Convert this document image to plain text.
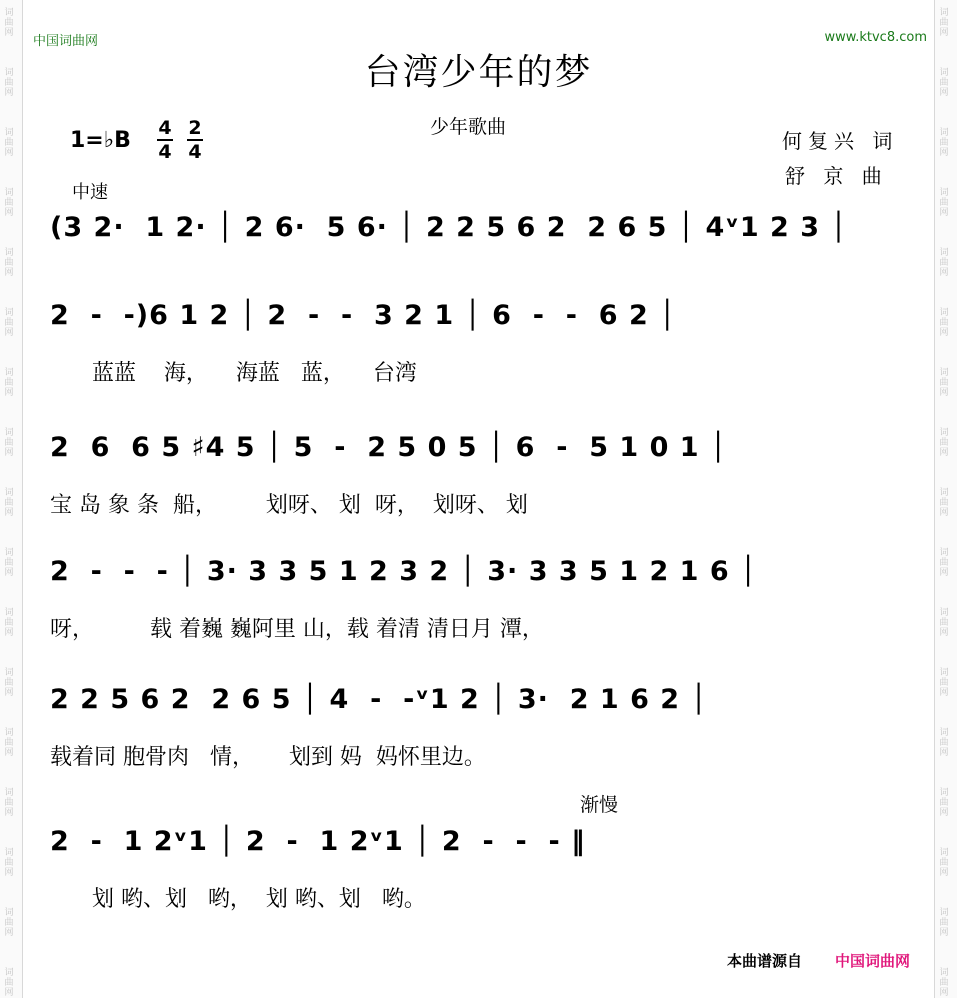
词
曲
网
词
曲
网
词
曲
网
词
曲
网
词
曲
网
词
曲
网
词
曲
网
词
曲
网
词
曲
网
词
曲
网
词
曲
网
词
曲
网
词
曲
网
词
曲
网
词
曲
网
词
曲
网
词
曲
网
词
曲
网
词
曲
网
词
曲
网
词
曲
网
词
曲
网
词
曲
网
词
曲
网
词
曲
网
词
曲
网
词
曲
网
词
曲
网
词
曲
网
词
曲
网
词
曲
网
词
曲
网
词
曲
网
词
曲
网
中国词曲网	www.ktvc8.com
台湾少年的梦
少年歌曲
何复兴 词
舒 京 曲
1=♭B 4
4
2
4
中速
(3 2·  1 2· │ 2 6·  5 6· │ 2 2 5 6 2  2 6 5 │ 4ᵛ1 2 3 │
2  -  -)6 1 2 │ 2  -  -  3 2 1 │ 6  -  -  6 2 │
蓝蓝    海，    海蓝   蓝，    台湾
2  6  6 5 ♯4 5 │ 5  -  2 5 0 5 │ 6  -  5 1 0 1 │
宝 岛 象 条  船，       划呀、 划  呀，  划呀、 划
2  -  -  - │ 3· 3 3 5 1 2 3 2 │ 3· 3 3 5 1 2 1 6 │
呀，        载 着巍 巍阿里 山，载 着清 清日月 潭，
2 2 5 6 2  2 6 5 │ 4  -  -ᵛ1 2 │ 3·  2 1 6 2 │
载着同 胞骨肉   情，     划到 妈  妈怀里边。
渐慢
2  -  1 2ᵛ1 │ 2  -  1 2ᵛ1 │ 2  -  -  - ‖
划 哟、划   哟，  划 哟、划   哟。
本曲谱源自 中国词曲网
